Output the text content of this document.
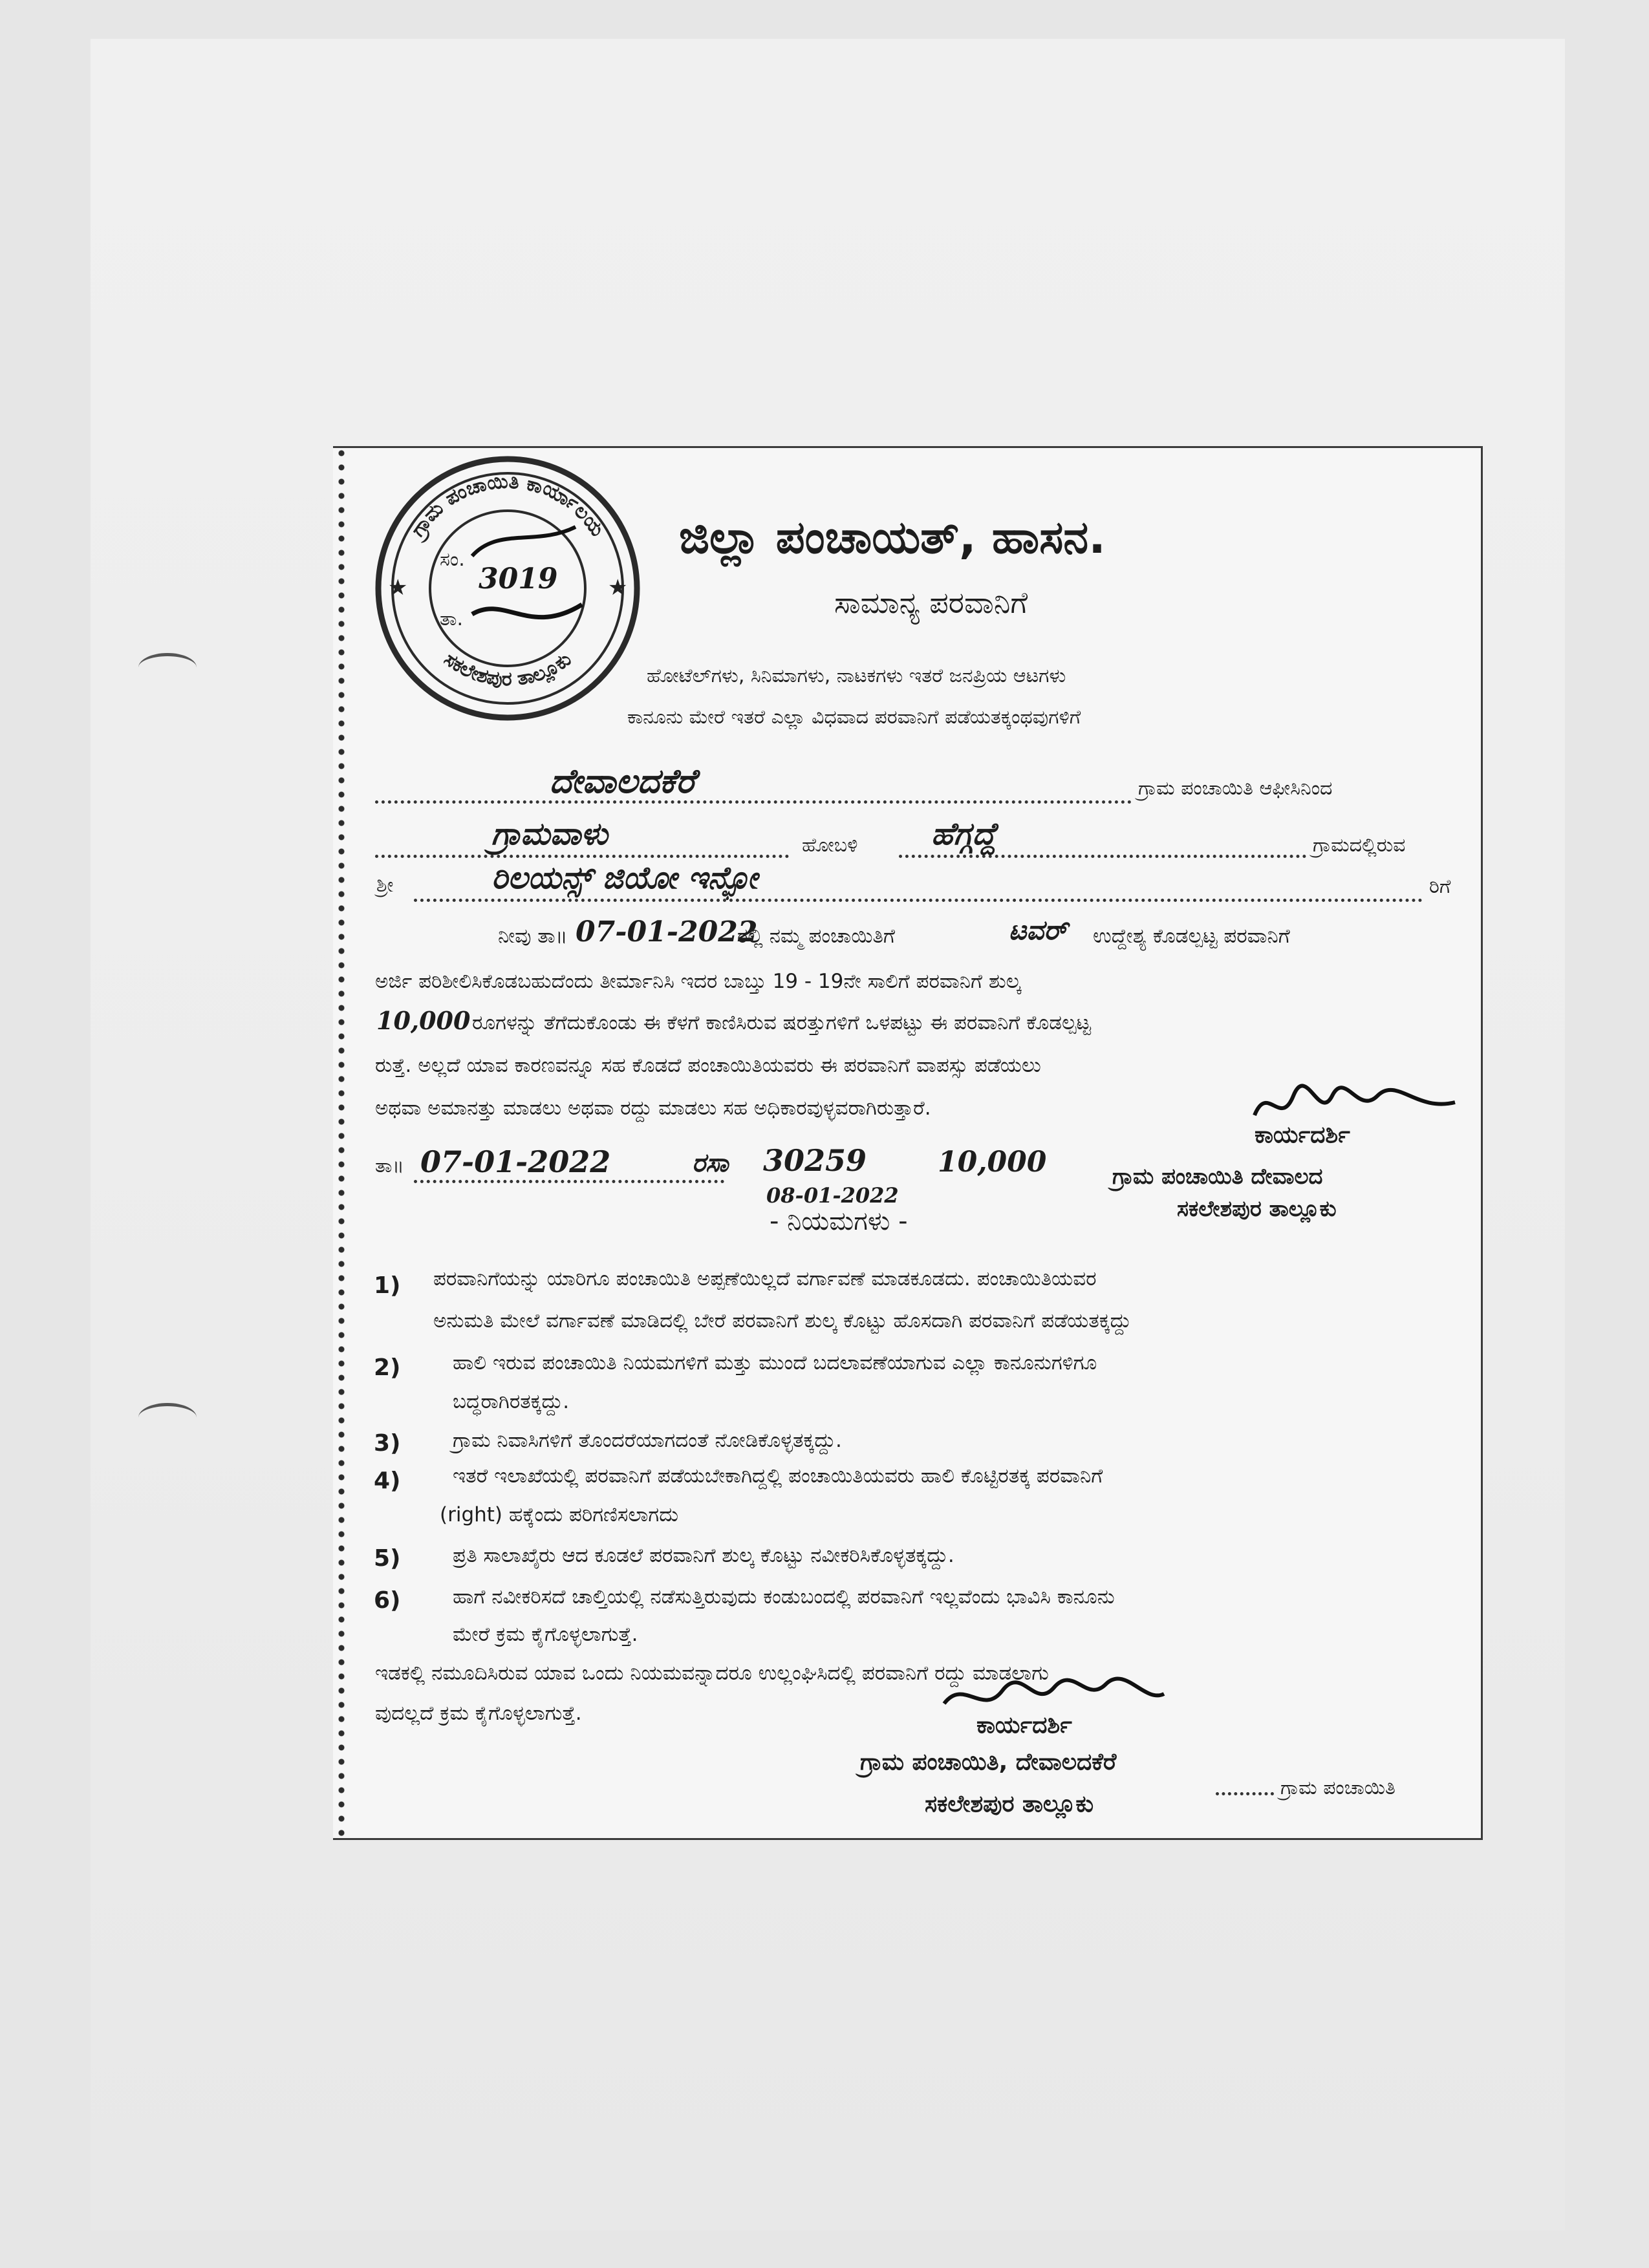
ಗ್ರಾಮ ಪಂಚಾಯಿತಿ ಕಾರ್ಯಾಲಯ
ಸಕಲೇಶಪುರ ತಾಲ್ಲೂಕು
★	★
ಸಂ.
3019
ತಾ.
ಜಿಲ್ಲಾ ಪಂಚಾಯತ್, ಹಾಸನ.
ಸಾಮಾನ್ಯ ಪರವಾನಿಗೆ
ಹೋಟೆಲ್‌ಗಳು, ಸಿನಿಮಾಗಳು, ನಾಟಕಗಳು ಇತರೆ ಜನಪ್ರಿಯ ಆಟಗಳು
ಕಾನೂನು ಮೇರೆ ಇತರೆ ಎಲ್ಲಾ ವಿಧವಾದ ಪರವಾನಿಗೆ ಪಡೆಯತಕ್ಕಂಥವುಗಳಿಗೆ
ದೇವಾಲದಕೆರೆ	ಗ್ರಾಮ ಪಂಚಾಯಿತಿ ಆಫೀಸಿನಿಂದ
ಗ್ರಾಮವಾಳು	ಹೋಬಳಿ ಹೆಗ್ಗದ್ದೆ	ಗ್ರಾಮದಲ್ಲಿರುವ
ಶ್ರೀ	ರಿಲಯನ್ಸ್ ಜಿಯೋ ಇನ್ಫೋ	ರಿಗೆ
ನೀವು ತಾ॥ 07-01-2022
ರಲ್ಲಿ ನಮ್ಮ ಪಂಚಾಯಿತಿಗೆ	ಟವರ್ ಉದ್ದೇಶ್ಯ ಕೊಡಲ್ಪಟ್ಟ ಪರವಾನಿಗೆ
ಅರ್ಜಿ ಪರಿಶೀಲಿಸಿಕೊಡಬಹುದೆಂದು ತೀರ್ಮಾನಿಸಿ ಇದರ ಬಾಬ್ತು 19 - 19ನೇ ಸಾಲಿಗೆ ಪರವಾನಿಗೆ ಶುಲ್ಕ
10,000 ರೂಗಳನ್ನು ತೆಗೆದುಕೊಂಡು ಈ ಕೆಳಗೆ ಕಾಣಿಸಿರುವ ಷರತ್ತುಗಳಿಗೆ ಒಳಪಟ್ಟು ಈ ಪರವಾನಿಗೆ ಕೊಡಲ್ಪಟ್ಟ
ರುತ್ತೆ. ಅಲ್ಲದೆ ಯಾವ ಕಾರಣವನ್ನೂ ಸಹ ಕೊಡದೆ ಪಂಚಾಯಿತಿಯವರು ಈ ಪರವಾನಿಗೆ ವಾಪಸ್ಸು ಪಡೆಯಲು
ಅಥವಾ ಅಮಾನತ್ತು ಮಾಡಲು ಅಥವಾ ರದ್ದು ಮಾಡಲು ಸಹ ಅಧಿಕಾರವುಳ್ಳವರಾಗಿರುತ್ತಾರೆ.
ಕಾರ್ಯದರ್ಶಿ
ತಾ॥ 07-01-2022	ರಸಾ 30259
08-01-2022
10,000	ಗ್ರಾಮ ಪಂಚಾಯಿತಿ ದೇವಾಲದ
ಸಕಲೇಶಪುರ ತಾಲ್ಲೂಕು
- ನಿಯಮಗಳು -
1) ಪರವಾನಿಗೆಯನ್ನು ಯಾರಿಗೂ ಪಂಚಾಯಿತಿ ಅಪ್ಪಣೆಯಿಲ್ಲದೆ ವರ್ಗಾವಣೆ ಮಾಡಕೂಡದು. ಪಂಚಾಯಿತಿಯವರ
ಅನುಮತಿ ಮೇಲೆ ವರ್ಗಾವಣೆ ಮಾಡಿದಲ್ಲಿ ಬೇರೆ ಪರವಾನಿಗೆ ಶುಲ್ಕ ಕೊಟ್ಟು ಹೊಸದಾಗಿ ಪರವಾನಿಗೆ ಪಡೆಯತಕ್ಕದ್ದು
2)	ಹಾಲಿ ಇರುವ ಪಂಚಾಯಿತಿ ನಿಯಮಗಳಿಗೆ ಮತ್ತು ಮುಂದೆ ಬದಲಾವಣೆಯಾಗುವ ಎಲ್ಲಾ ಕಾನೂನುಗಳಿಗೂ
ಬದ್ಧರಾಗಿರತಕ್ಕದ್ದು.
3)	ಗ್ರಾಮ ನಿವಾಸಿಗಳಿಗೆ ತೊಂದರೆಯಾಗದಂತೆ ನೋಡಿಕೊಳ್ಳತಕ್ಕದ್ದು.
4)	ಇತರೆ ಇಲಾಖೆಯಲ್ಲಿ ಪರವಾನಿಗೆ ಪಡೆಯಬೇಕಾಗಿದ್ದಲ್ಲಿ ಪಂಚಾಯಿತಿಯವರು ಹಾಲಿ ಕೊಟ್ಟಿರತಕ್ಕ ಪರವಾನಿಗೆ
(right) ಹಕ್ಕೆಂದು ಪರಿಗಣಿಸಲಾಗದು
5)	ಪ್ರತಿ ಸಾಲಾಖೈರು ಆದ ಕೂಡಲೆ ಪರವಾನಿಗೆ ಶುಲ್ಕ ಕೊಟ್ಟು ನವೀಕರಿಸಿಕೊಳ್ಳತಕ್ಕದ್ದು.
6)	ಹಾಗೆ ನವೀಕರಿಸದೆ ಚಾಲ್ತಿಯಲ್ಲಿ ನಡೆಸುತ್ತಿರುವುದು ಕಂಡುಬಂದಲ್ಲಿ ಪರವಾನಿಗೆ ಇಲ್ಲವೆಂದು ಭಾವಿಸಿ ಕಾನೂನು
ಮೇರೆ ಕ್ರಮ ಕೈಗೊಳ್ಳಲಾಗುತ್ತೆ.
ಇಡಕಲ್ಲಿ ನಮೂದಿಸಿರುವ ಯಾವ ಒಂದು ನಿಯಮವನ್ನಾದರೂ ಉಲ್ಲಂಘಿಸಿದಲ್ಲಿ ಪರವಾನಿಗೆ ರದ್ದು ಮಾಡಲಾಗು
ವುದಲ್ಲದೆ ಕ್ರಮ ಕೈಗೊಳ್ಳಲಾಗುತ್ತೆ.	ಕಾರ್ಯದರ್ಶಿ
ಗ್ರಾಮ ಪಂಚಾಯಿತಿ, ದೇವಾಲದಕೆರೆ
ಗ್ರಾಮ ಪಂಚಾಯಿತಿ
ಸಕಲೇಶಪುರ ತಾಲ್ಲೂಕು
